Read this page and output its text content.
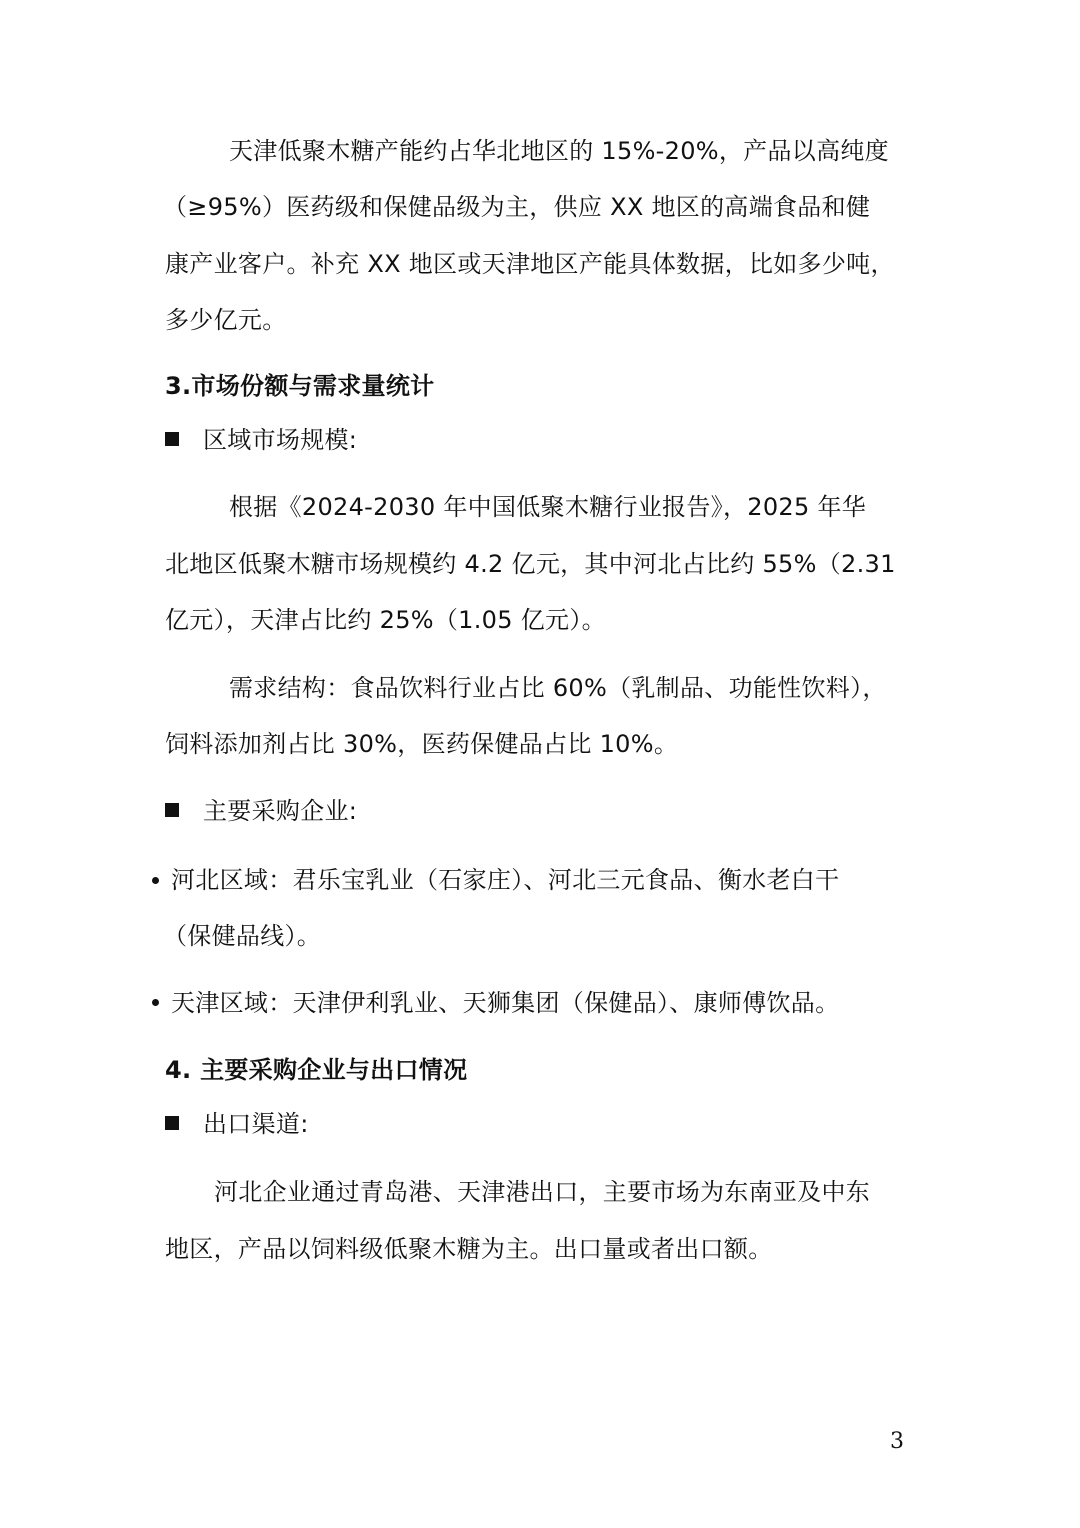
天津低聚木糖产能约占华北地区的 15%-20%，产品以高纯度
（≥95%）医药级和保健品级为主，供应 XX 地区的高端食品和健
康产业客户。补充 XX 地区或天津地区产能具体数据，比如多少吨，
多少亿元。
3.市场份额与需求量统计
区域市场规模:
根据《2024-2030 年中国低聚木糖行业报告》，2025 年华
北地区低聚木糖市场规模约 4.2 亿元，其中河北占比约 55%（2.31
亿元），天津占比约 25%（1.05 亿元）。
需求结构：食品饮料行业占比 60%（乳制品、功能性饮料），
饲料添加剂占比 30%，医药保健品占比 10%。
主要采购企业:
河北区域：君乐宝乳业（石家庄）、河北三元食品、衡水老白干
（保健品线）。
天津区域：天津伊利乳业、天狮集团（保健品）、康师傅饮品。
4. 主要采购企业与出口情况
出口渠道:
河北企业通过青岛港、天津港出口，主要市场为东南亚及中东
地区，产品以饲料级低聚木糖为主。出口量或者出口额。
3
